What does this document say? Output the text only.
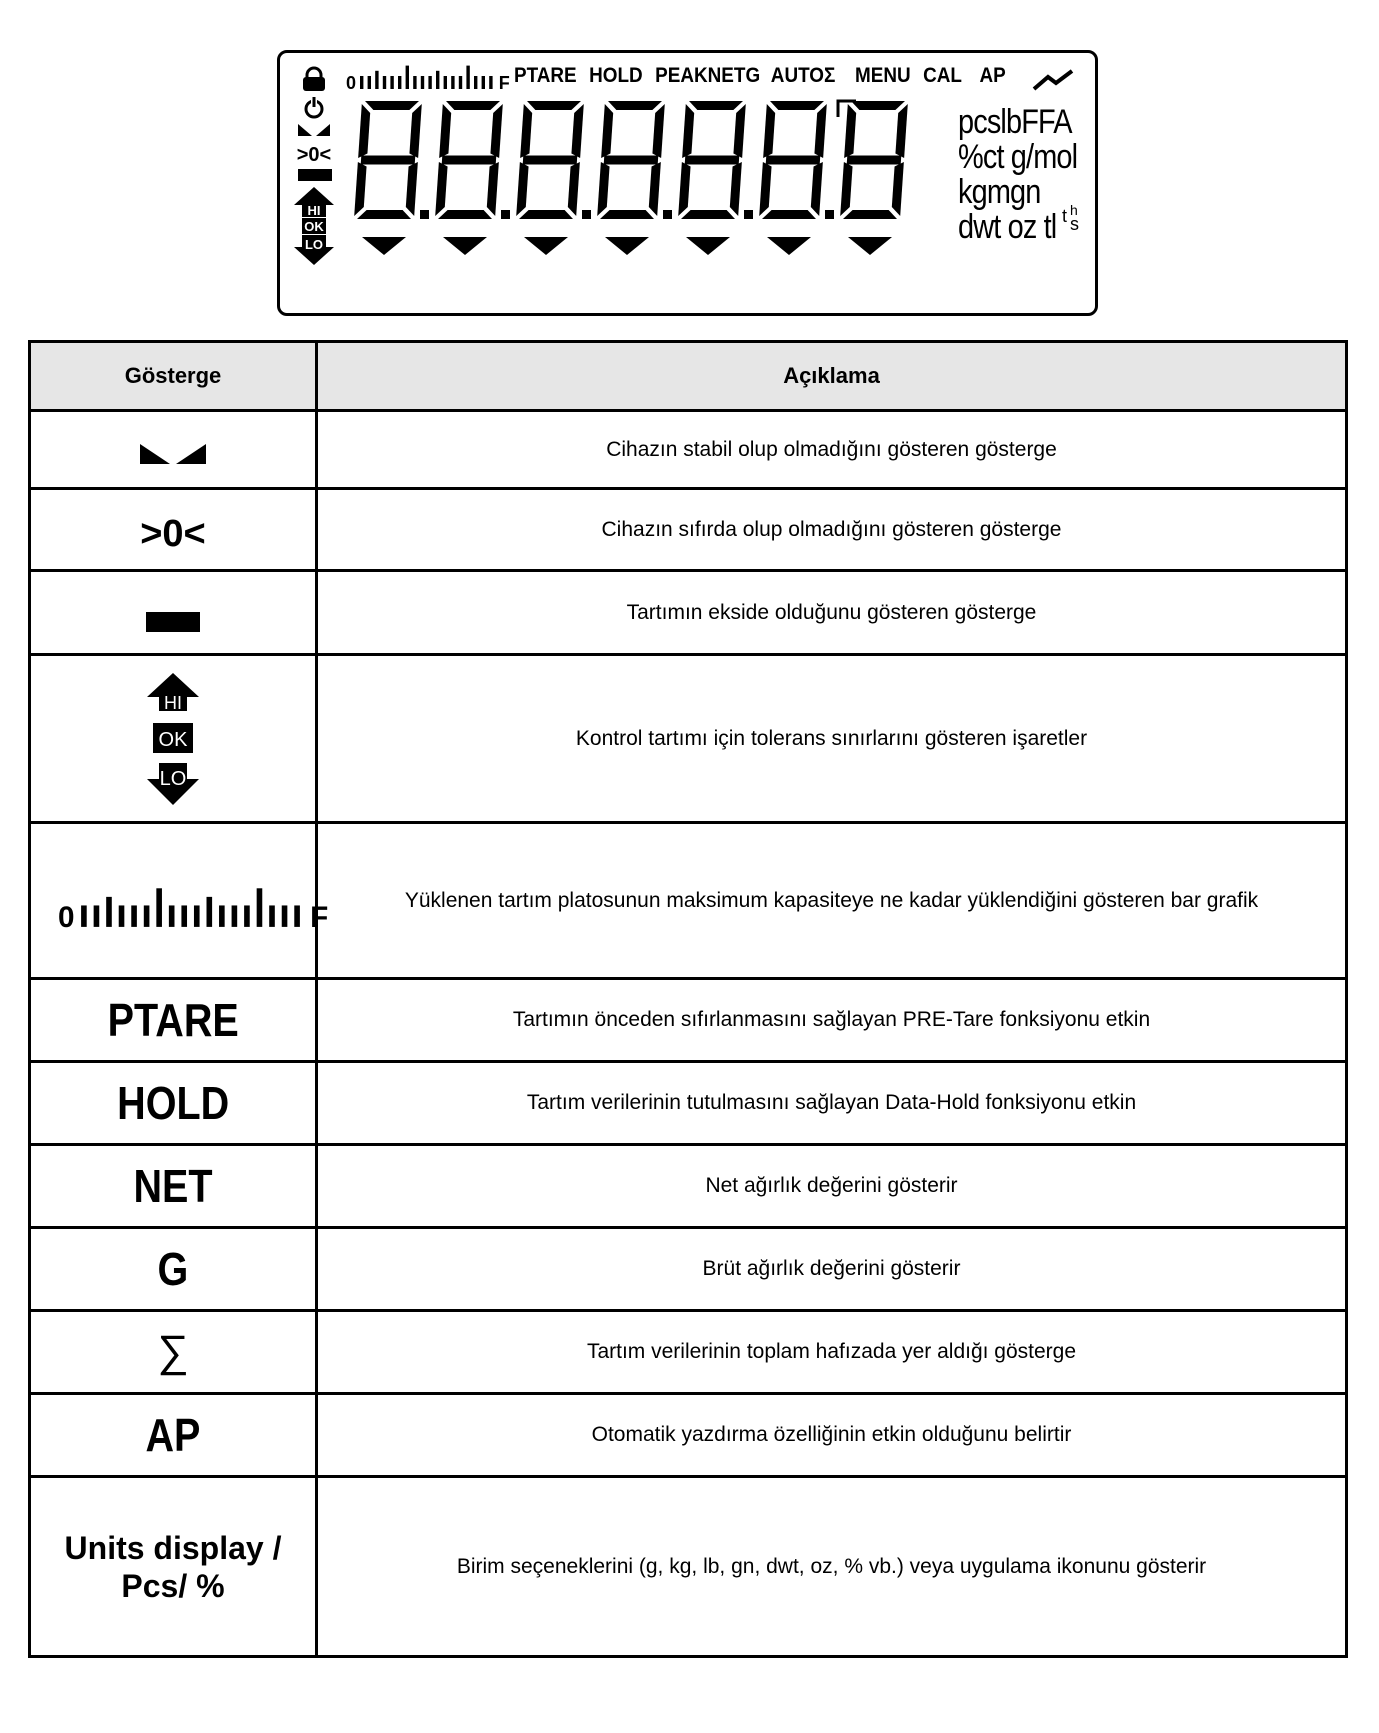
>0<
HI
OK
LO
0	F PTARE HOLD PEAKNETG AUTOΣ MENU CAL AP
pcslbFFA
%ct g/mol
kgmgn
dwt oz tl t h
s
Gösterge	Açıklama

	Cihazın stabil olup olmadığını gösteren gösterge
>0<	Cihazın sıfırda olup olmadığını gösteren gösterge

	Tartımın ekside olduğunu gösteren gösterge

HI
OK
LO	Kontrol tartımı için tolerans sınırlarını gösteren işaretler

0 F	Yüklenen tartım platosunun maksimum kapasiteye ne kadar yüklendiğini gösteren bar grafik
PTARE	Tartımın önceden sıfırlanmasını sağlayan PRE-Tare fonksiyonu etkin
HOLD	Tartım verilerinin tutulmasını sağlayan Data-Hold fonksiyonu etkin
NET	Net ağırlık değerini gösterir
G	Brüt ağırlık değerini gösterir
∑	Tartım verilerinin toplam hafızada yer aldığı gösterge
AP	Otomatik yazdırma özelliğinin etkin olduğunu belirtir

Units display /
Pcs/ %	Birim seçeneklerini (g, kg, lb, gn, dwt, oz, % vb.) veya uygulama ikonunu gösterir
